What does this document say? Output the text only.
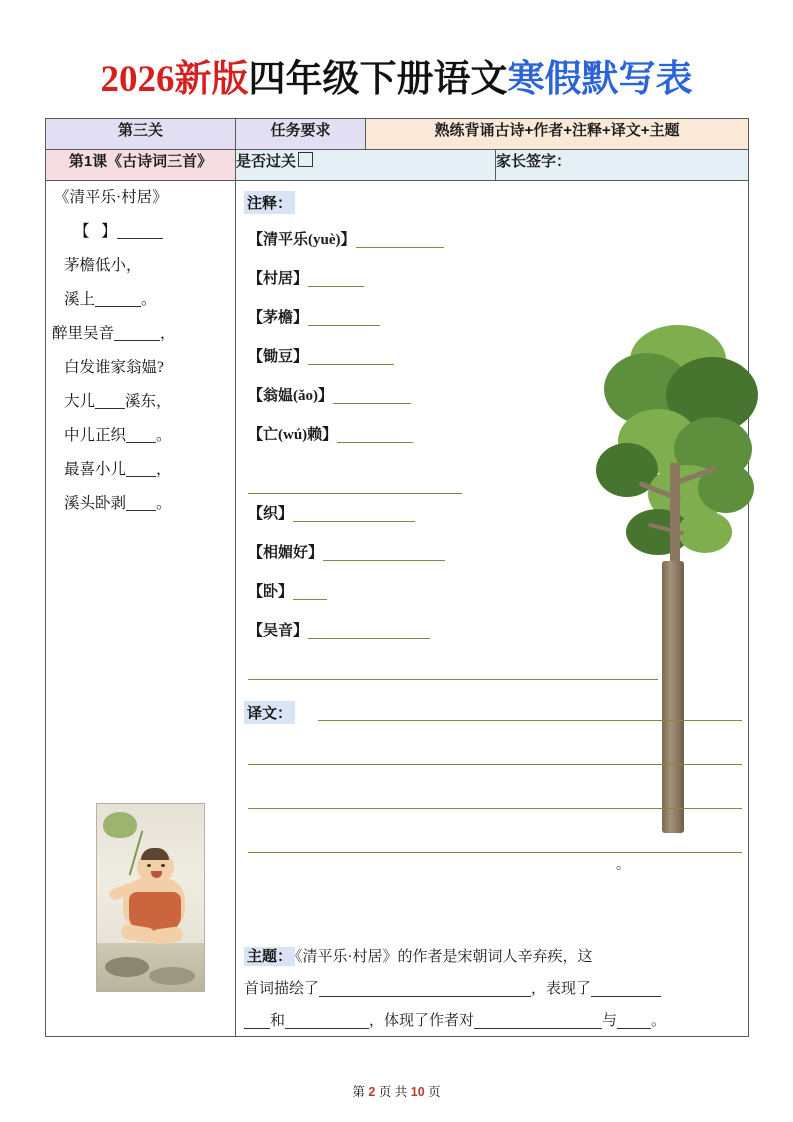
2026新版四年级下册语文寒假默写表
第三关	任务要求	熟练背诵古诗+作者+注释+译文+主题	
第1课《古诗词三首》	是否过关		家长签字：

《清平乐·村居》
【   】
茅檐低小，
溪上	。
醉里吴音	，
白发谁家翁媪?
大儿 溪东，
中儿正织 。
最喜小儿 ，
溪头卧剥 。

注释：
【清平乐(yuè)】
【村居】
【茅檐】
【锄豆】
【翁媪(ǎo)】
【亡(wú)赖】
【织】
【相媚好】
【卧】
【吴音】
译文：
。
主题： 《清平乐·村居》的作者是宋朝词人辛弃疾，这
首词描绘了	，表现了
和	，体现了作者对	与 。
第 2 页 共 10 页
